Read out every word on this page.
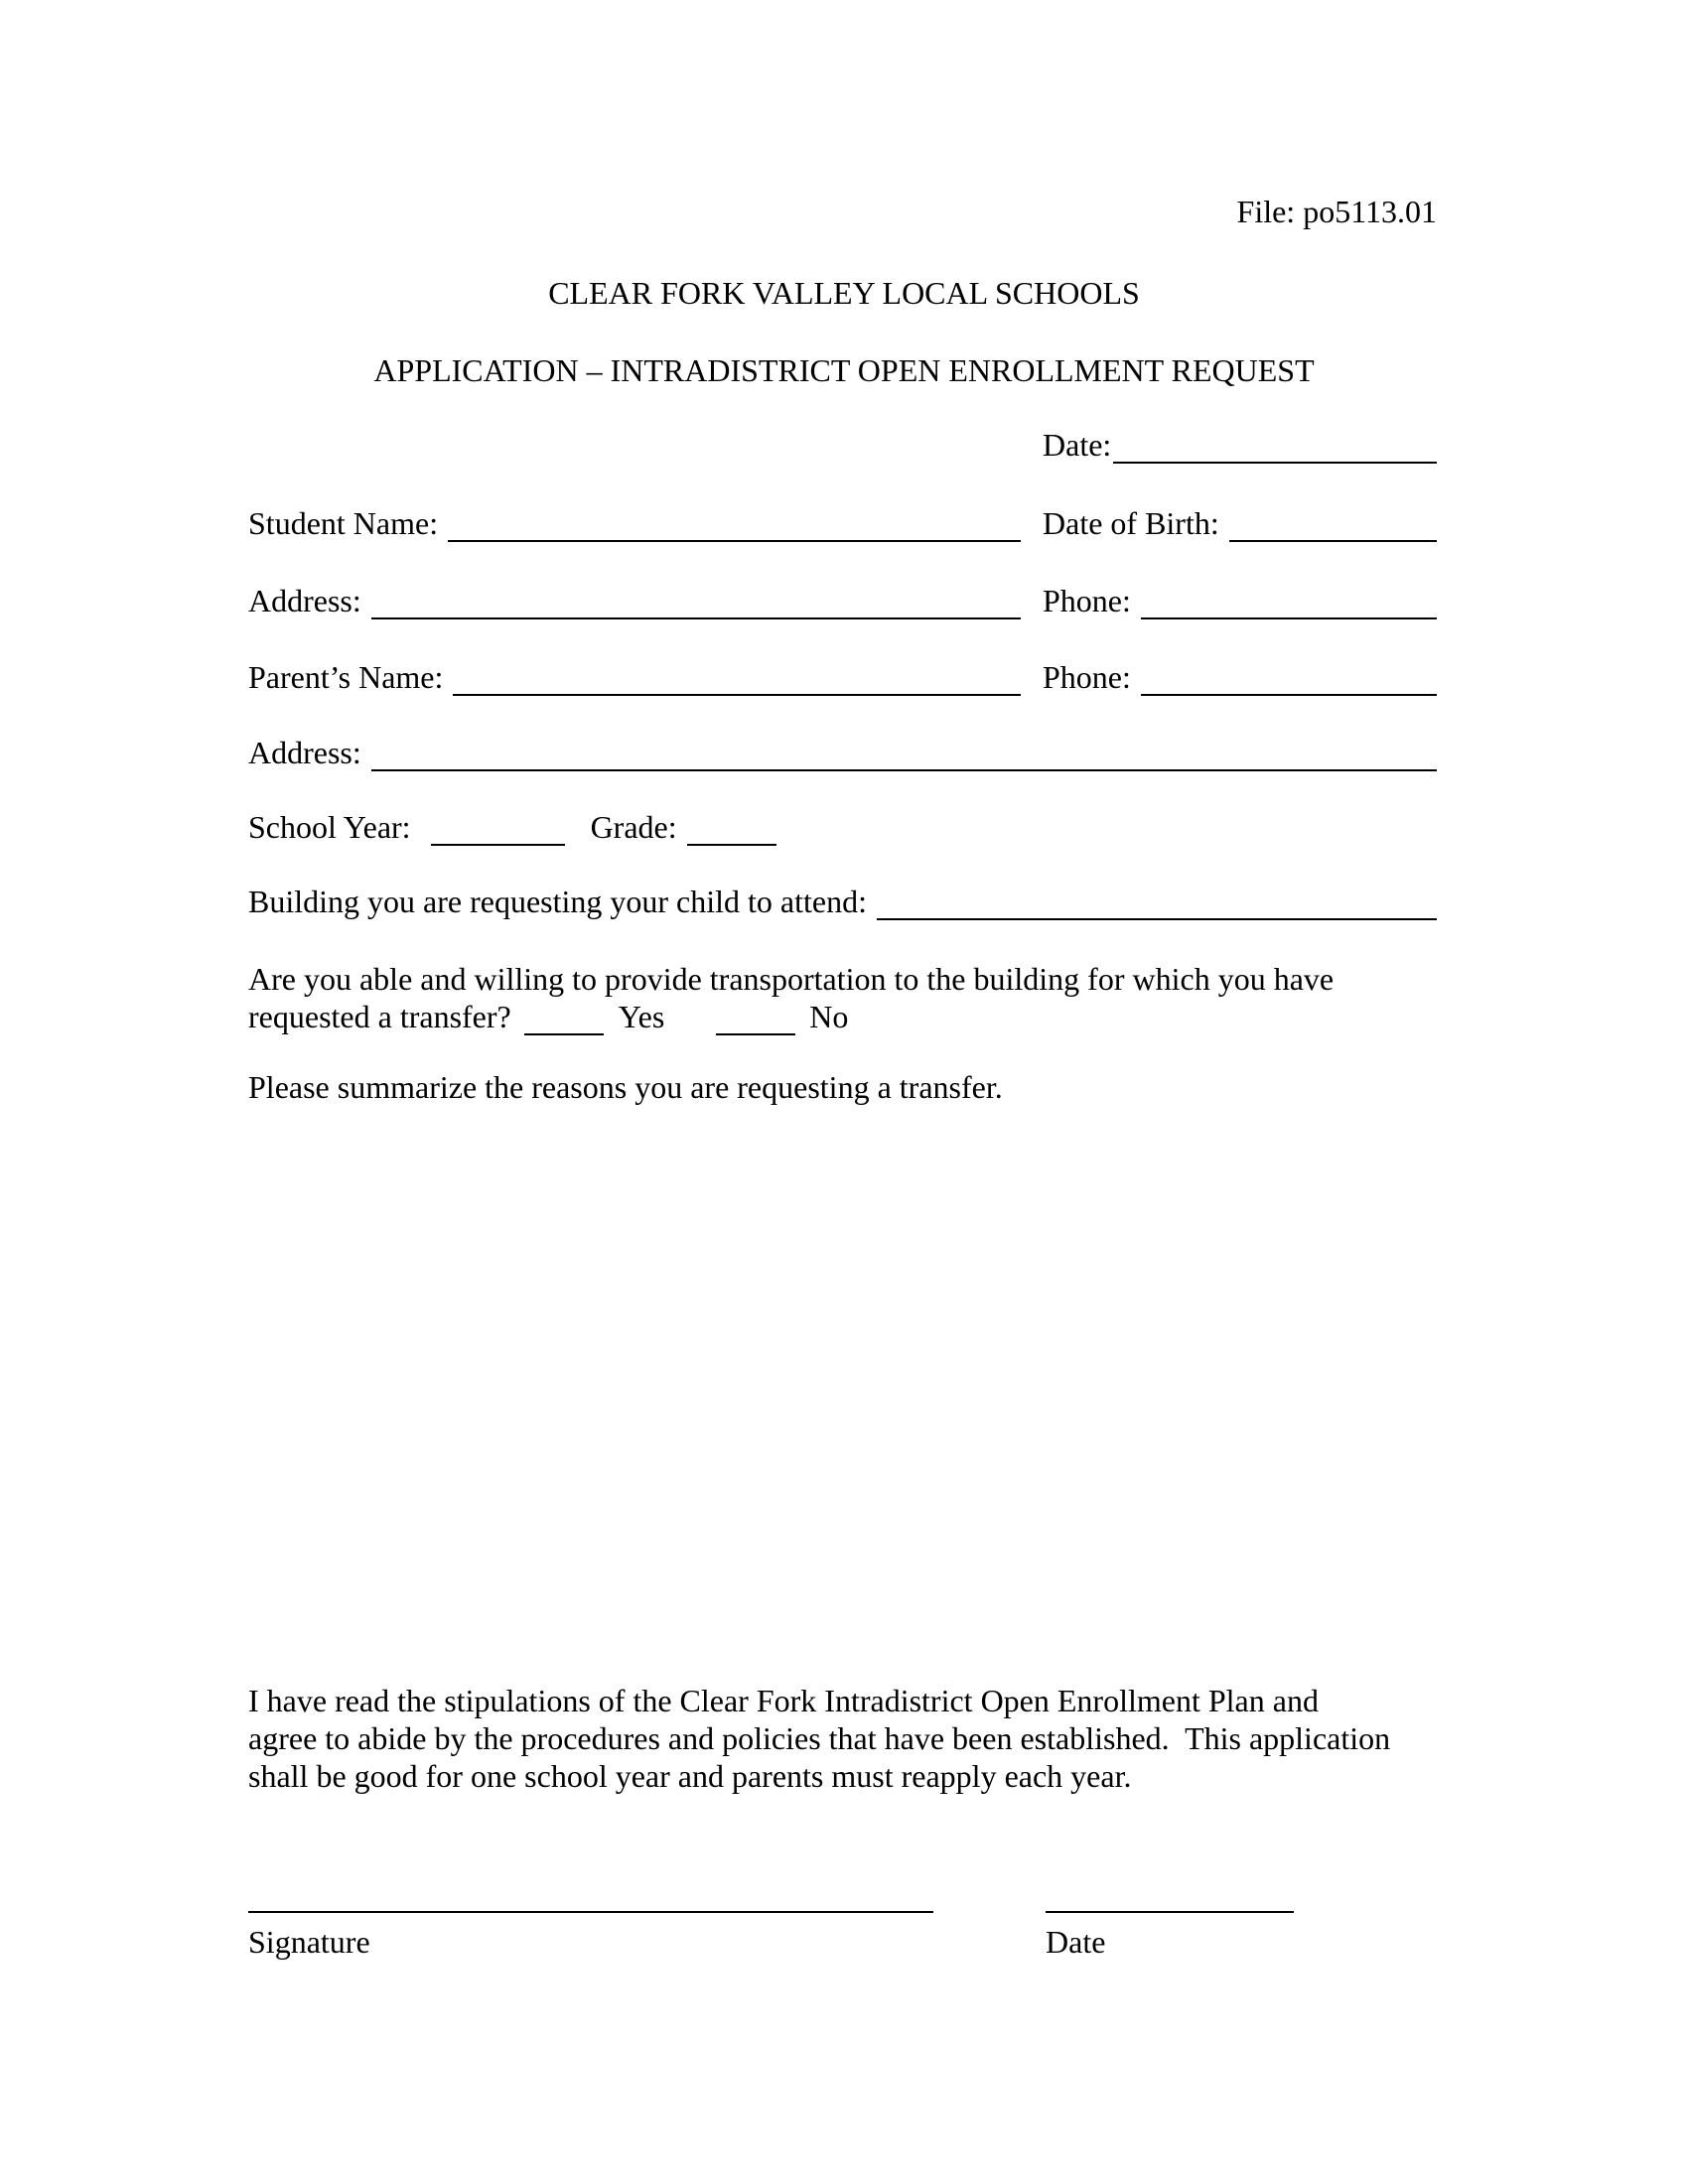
File: po5113.01
CLEAR FORK VALLEY LOCAL SCHOOLS
APPLICATION – INTRADISTRICT OPEN ENROLLMENT REQUEST
Date:
Student Name:	Date of Birth:
Address:	Phone:
Parent’s Name:	Phone:
Address:
School Year:	Grade:
Building you are requesting your child to attend:
Are you able and willing to provide transportation to the building for which you have
requested a transfer?	Yes	No
Please summarize the reasons you are requesting a transfer.
I have read the stipulations of the Clear Fork Intradistrict Open Enrollment Plan and
agree to abide by the procedures and policies that have been established.  This application
shall be good for one school year and parents must reapply each year.
Signature	Date
